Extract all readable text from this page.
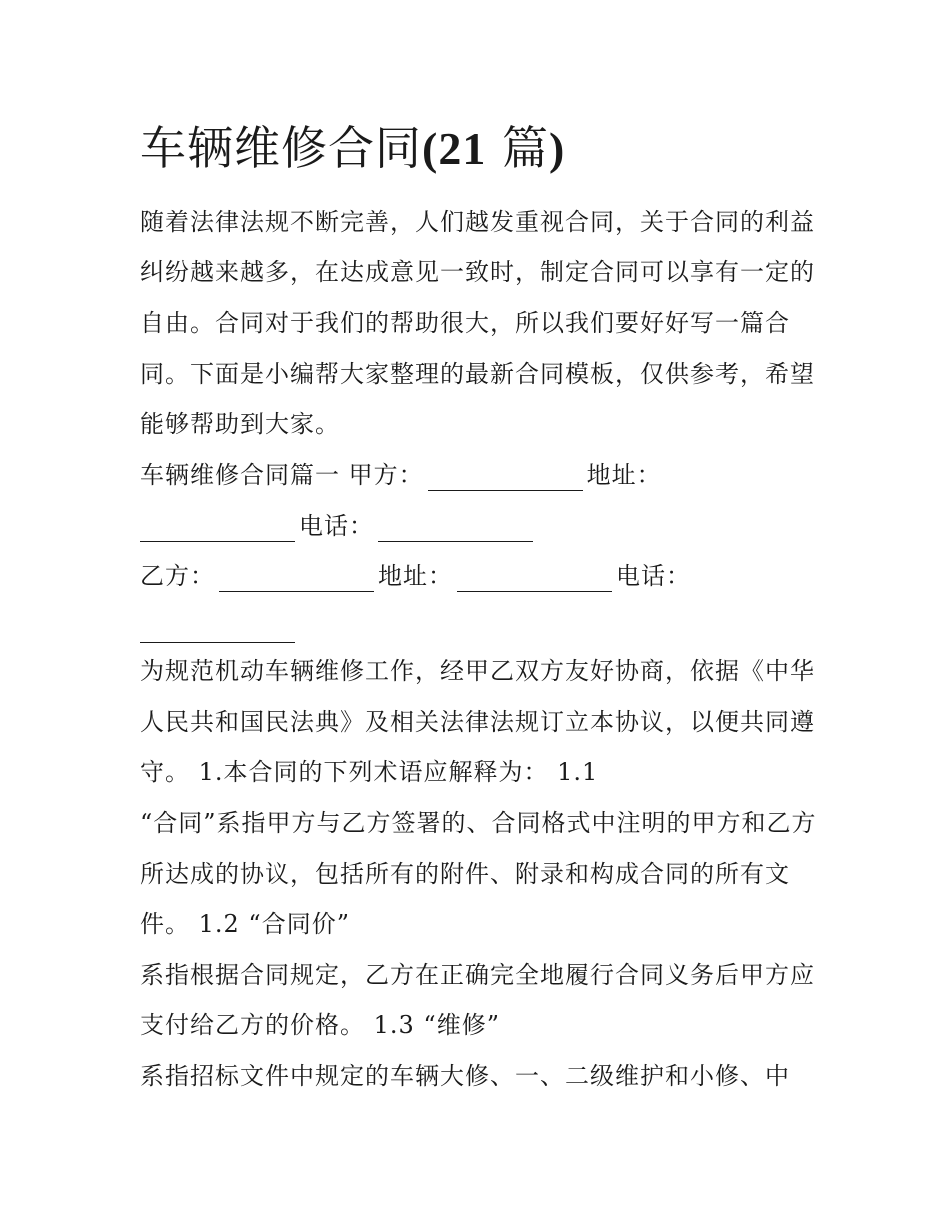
车辆维修合同(21 篇)

随着法律法规不断完善，人们越发重视合同，关于合同的利益

纠纷越来越多，在达成意见一致时，制定合同可以享有一定的

自由。合同对于我们的帮助很大，所以我们要好好写一篇合

同。下面是小编帮大家整理的最新合同模板，仅供参考，希望

能够帮助到大家。

车辆维修合同篇一 甲方：	地址：

电话：

乙方：	地址：	电话：

为规范机动车辆维修工作，经甲乙双方友好协商，依据《中华

人民共和国民法典》及相关法律法规订立本协议，以便共同遵

守。 1.本合同的下列术语应解释为： 1.1

“合同”系指甲方与乙方签署的、合同格式中注明的甲方和乙方

所达成的协议，包括所有的附件、附录和构成合同的所有文

件。 1.2 “合同价”

系指根据合同规定，乙方在正确完全地履行合同义务后甲方应

支付给乙方的价格。 1.3 “维修”

系指招标文件中规定的车辆大修、一、二级维护和小修、中
